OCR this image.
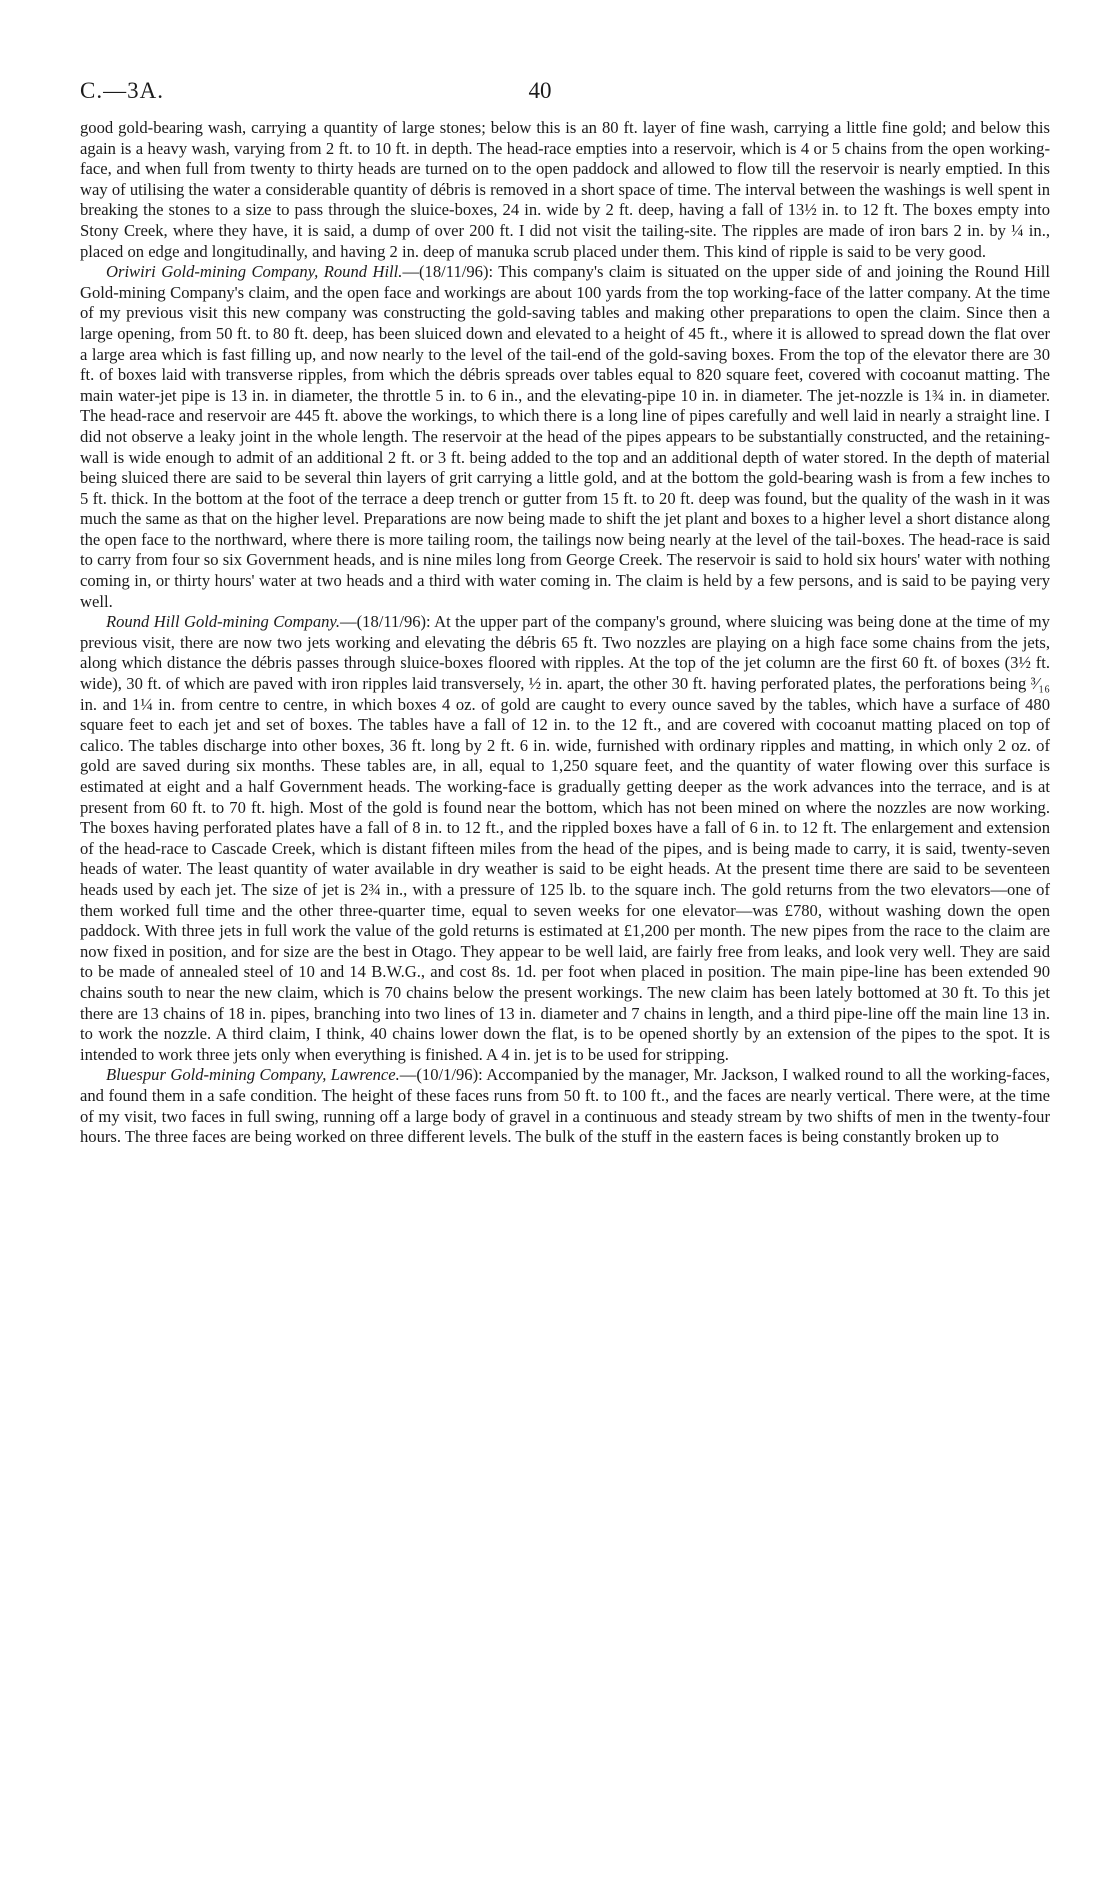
C.—3A.	40

good gold-bearing wash, carrying a quantity of large stones; below this is an 80 ft. layer of fine wash, carrying a little fine gold; and below this again is a heavy wash, varying from 2 ft. to 10 ft. in depth. The head-race empties into a reservoir, which is 4 or 5 chains from the open working-face, and when full from twenty to thirty heads are turned on to the open paddock and allowed to flow till the reservoir is nearly emptied. In this way of utilising the water a considerable quantity of débris is removed in a short space of time. The interval between the washings is well spent in breaking the stones to a size to pass through the sluice-boxes, 24 in. wide by 2 ft. deep, having a fall of 13½ in. to 12 ft. The boxes empty into Stony Creek, where they have, it is said, a dump of over 200 ft. I did not visit the tailing-site. The ripples are made of iron bars 2 in. by ¼ in., placed on edge and longitudinally, and having 2 in. deep of manuka scrub placed under them. This kind of ripple is said to be very good.

Oriwiri Gold-mining Company, Round Hill.—(18/11/96): This company's claim is situated on the upper side of and joining the Round Hill Gold-mining Company's claim, and the open face and workings are about 100 yards from the top working-face of the latter company. At the time of my previous visit this new company was constructing the gold-saving tables and making other preparations to open the claim. Since then a large opening, from 50 ft. to 80 ft. deep, has been sluiced down and elevated to a height of 45 ft., where it is allowed to spread down the flat over a large area which is fast filling up, and now nearly to the level of the tail-end of the gold-saving boxes. From the top of the elevator there are 30 ft. of boxes laid with transverse ripples, from which the débris spreads over tables equal to 820 square feet, covered with cocoanut matting. The main water-jet pipe is 13 in. in diameter, the throttle 5 in. to 6 in., and the elevating-pipe 10 in. in diameter. The jet-nozzle is 1¾ in. in diameter. The head-race and reservoir are 445 ft. above the workings, to which there is a long line of pipes carefully and well laid in nearly a straight line. I did not observe a leaky joint in the whole length. The reservoir at the head of the pipes appears to be substantially constructed, and the retaining-wall is wide enough to admit of an additional 2 ft. or 3 ft. being added to the top and an additional depth of water stored. In the depth of material being sluiced there are said to be several thin layers of grit carrying a little gold, and at the bottom the gold-bearing wash is from a few inches to 5 ft. thick. In the bottom at the foot of the terrace a deep trench or gutter from 15 ft. to 20 ft. deep was found, but the quality of the wash in it was much the same as that on the higher level. Preparations are now being made to shift the jet plant and boxes to a higher level a short distance along the open face to the northward, where there is more tailing room, the tailings now being nearly at the level of the tail-boxes. The head-race is said to carry from four so six Government heads, and is nine miles long from George Creek. The reservoir is said to hold six hours' water with nothing coming in, or thirty hours' water at two heads and a third with water coming in. The claim is held by a few persons, and is said to be paying very well.

Round Hill Gold-mining Company.—(18/11/96): At the upper part of the company's ground, where sluicing was being done at the time of my previous visit, there are now two jets working and elevating the débris 65 ft. Two nozzles are playing on a high face some chains from the jets, along which distance the débris passes through sluice-boxes floored with ripples. At the top of the jet column are the first 60 ft. of boxes (3½ ft. wide), 30 ft. of which are paved with iron ripples laid transversely, ½ in. apart, the other 30 ft. having perforated plates, the perforations being ³⁄₁₆ in. and 1¼ in. from centre to centre, in which boxes 4 oz. of gold are caught to every ounce saved by the tables, which have a surface of 480 square feet to each jet and set of boxes. The tables have a fall of 12 in. to the 12 ft., and are covered with cocoanut matting placed on top of calico. The tables discharge into other boxes, 36 ft. long by 2 ft. 6 in. wide, furnished with ordinary ripples and matting, in which only 2 oz. of gold are saved during six months. These tables are, in all, equal to 1,250 square feet, and the quantity of water flowing over this surface is estimated at eight and a half Government heads. The working-face is gradually getting deeper as the work advances into the terrace, and is at present from 60 ft. to 70 ft. high. Most of the gold is found near the bottom, which has not been mined on where the nozzles are now working. The boxes having perforated plates have a fall of 8 in. to 12 ft., and the rippled boxes have a fall of 6 in. to 12 ft. The enlargement and extension of the head-race to Cascade Creek, which is distant fifteen miles from the head of the pipes, and is being made to carry, it is said, twenty-seven heads of water. The least quantity of water available in dry weather is said to be eight heads. At the present time there are said to be seventeen heads used by each jet. The size of jet is 2¾ in., with a pressure of 125 lb. to the square inch. The gold returns from the two elevators—one of them worked full time and the other three-quarter time, equal to seven weeks for one elevator—was £780, without washing down the open paddock. With three jets in full work the value of the gold returns is estimated at £1,200 per month. The new pipes from the race to the claim are now fixed in position, and for size are the best in Otago. They appear to be well laid, are fairly free from leaks, and look very well. They are said to be made of annealed steel of 10 and 14 B.W.G., and cost 8s. 1d. per foot when placed in position. The main pipe-line has been extended 90 chains south to near the new claim, which is 70 chains below the present workings. The new claim has been lately bottomed at 30 ft. To this jet there are 13 chains of 18 in. pipes, branching into two lines of 13 in. diameter and 7 chains in length, and a third pipe-line off the main line 13 in. to work the nozzle. A third claim, I think, 40 chains lower down the flat, is to be opened shortly by an extension of the pipes to the spot. It is intended to work three jets only when everything is finished. A 4 in. jet is to be used for stripping.

Bluespur Gold-mining Company, Lawrence.—(10/1/96): Accompanied by the manager, Mr. Jackson, I walked round to all the working-faces, and found them in a safe condition. The height of these faces runs from 50 ft. to 100 ft., and the faces are nearly vertical. There were, at the time of my visit, two faces in full swing, running off a large body of gravel in a continuous and steady stream by two shifts of men in the twenty-four hours. The three faces are being worked on three different levels. The bulk of the stuff in the eastern faces is being constantly broken up to
